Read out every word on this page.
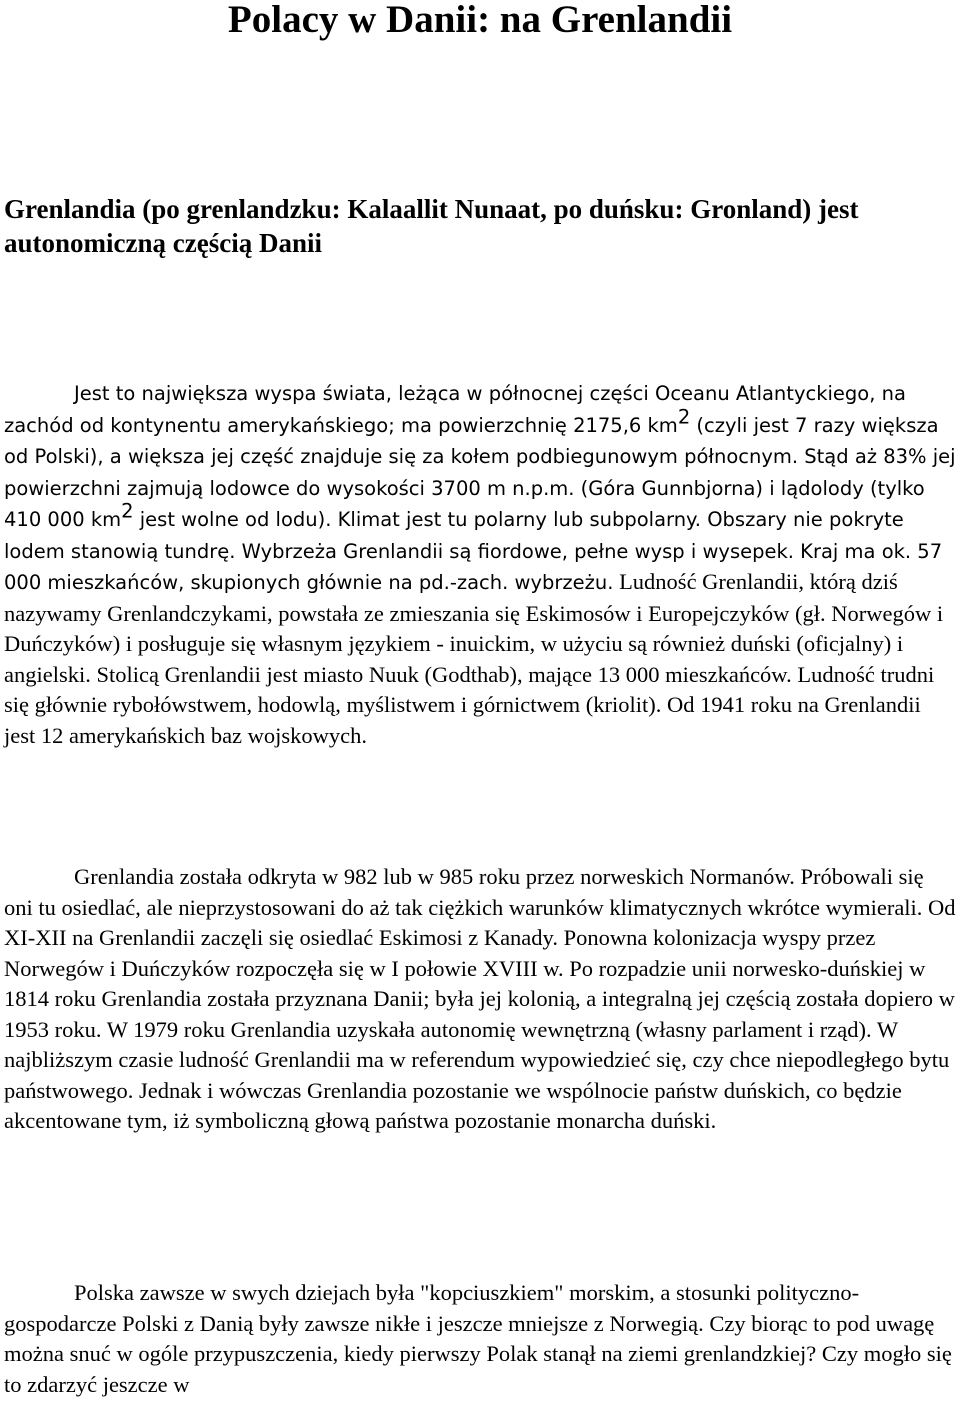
Polacy w Danii: na Grenlandii
Grenlandia (po grenlandzku: Kalaallit Nunaat, po duńsku: Gronland) jest autonomiczną częścią Danii

Jest to największa wyspa świata, leżąca w północnej części Oceanu Atlantyckiego, na zachód od kontynentu amerykańskiego; ma powierzchnię 2175,6 $km^2$ (czyli jest 7 razy większa od Polski), a większa jej część znajduje się za kołem podbiegunowym północnym. Stąd aż 83% jej powierzchni zajmują lodowce do wysokości 3700 m n.p.m. (Góra Gunnbjorna) i lądolody (tylko 410 000 $km^2$ jest wolne od lodu). Klimat jest tu polarny lub subpolarny. Obszary nie pokryte lodem stanowią tundrę. Wybrzeża Grenlandii są fiordowe, pełne wysp i wysepek. Kraj ma ok. 57 000 mieszkańców, skupionych głównie na pd.-zach. wybrzeżu. Ludność Grenlandii, którą dziś nazywamy Grenlandczykami, powstała ze zmieszania się Eskimosów i Europejczyków (gł. Norwegów i Duńczyków) i posługuje się własnym językiem - inuickim, w użyciu są również duński (oficjalny) i angielski. Stolicą Grenlandii jest miasto Nuuk (Godthab), mające 13 000 mieszkańców. Ludność trudni się głównie rybołówstwem, hodowlą, myślistwem i górnictwem (kriolit). Od 1941 roku na Grenlandii jest 12 amerykańskich baz wojskowych.

Grenlandia została odkryta w 982 lub w 985 roku przez norweskich Normanów. Próbowali się oni tu osiedlać, ale nieprzystosowani do aż tak ciężkich warunków klimatycznych wkrótce wymierali. Od XI-XII na Grenlandii zaczęli się osiedlać Eskimosi z Kanady. Ponowna kolonizacja wyspy przez Norwegów i Duńczyków rozpoczęła się w I połowie XVIII w. Po rozpadzie unii norwesko-duńskiej w 1814 roku Grenlandia została przyznana Danii; była jej kolonią, a integralną jej częścią została dopiero w 1953 roku. W 1979 roku Grenlandia uzyskała autonomię wewnętrzną (własny parlament i rząd). W najbliższym czasie ludność Grenlandii ma w referendum wypowiedzieć się, czy chce niepodległego bytu państwowego. Jednak i wówczas Grenlandia pozostanie we wspólnocie państw duńskich, co będzie akcentowane tym, iż symboliczną głową państwa pozostanie monarcha duński.

Polska zawsze w swych dziejach była "kopciuszkiem" morskim, a stosunki polityczno-gospodarcze Polski z Danią były zawsze nikłe i jeszcze mniejsze z Norwegią. Czy biorąc to pod uwagę można snuć w ogóle przypuszczenia, kiedy pierwszy Polak stanął na ziemi grenlandzkiej? Czy mogło się to zdarzyć jeszcze w
